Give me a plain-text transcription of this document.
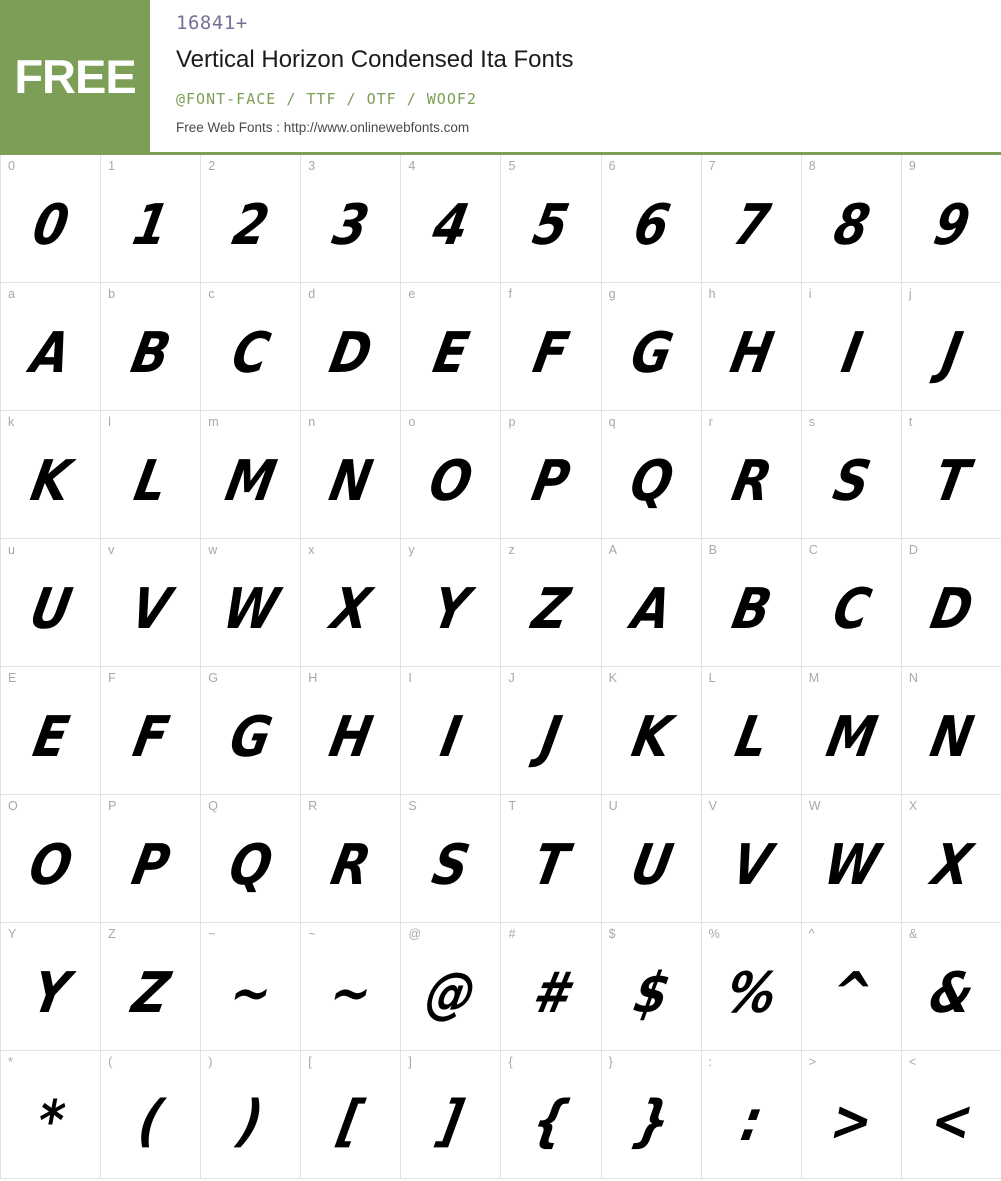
FREE
16841+
Vertical Horizon Condensed Ita Fonts
@FONT-FACE / TTF / OTF / WOOF2
Free Web Fonts : http://www.onlinewebfonts.com
0
0
1
1
2
2
3
3
4
4
5
5
6
6
7
7
8
8
9
9
a
A
b
B
c
C
d
D
e
E
f
F
g
G
h
H
i
I
j
J
k
K
l
L
m
M
n
N
o
O
p
P
q
Q
r
R
s
S
t
T
u
U
v
V
w
W
x
X
y
Y
z
Z
A
A
B
B
C
C
D
D
E
E
F
F
G
G
H
H
I
I
J
J
K
K
L
L
M
M
N
N
O
O
P
P
Q
Q
R
R
S
S
T
T
U
U
V
V
W
W
X
X
Y
Y
Z
Z
~
~
~
~
@
@
#
#
$
$
%
%
^
^
&
&
*
*
(
(
)
)
[
[
]
]
{
{
}
}
:
:
>
>
<
<
